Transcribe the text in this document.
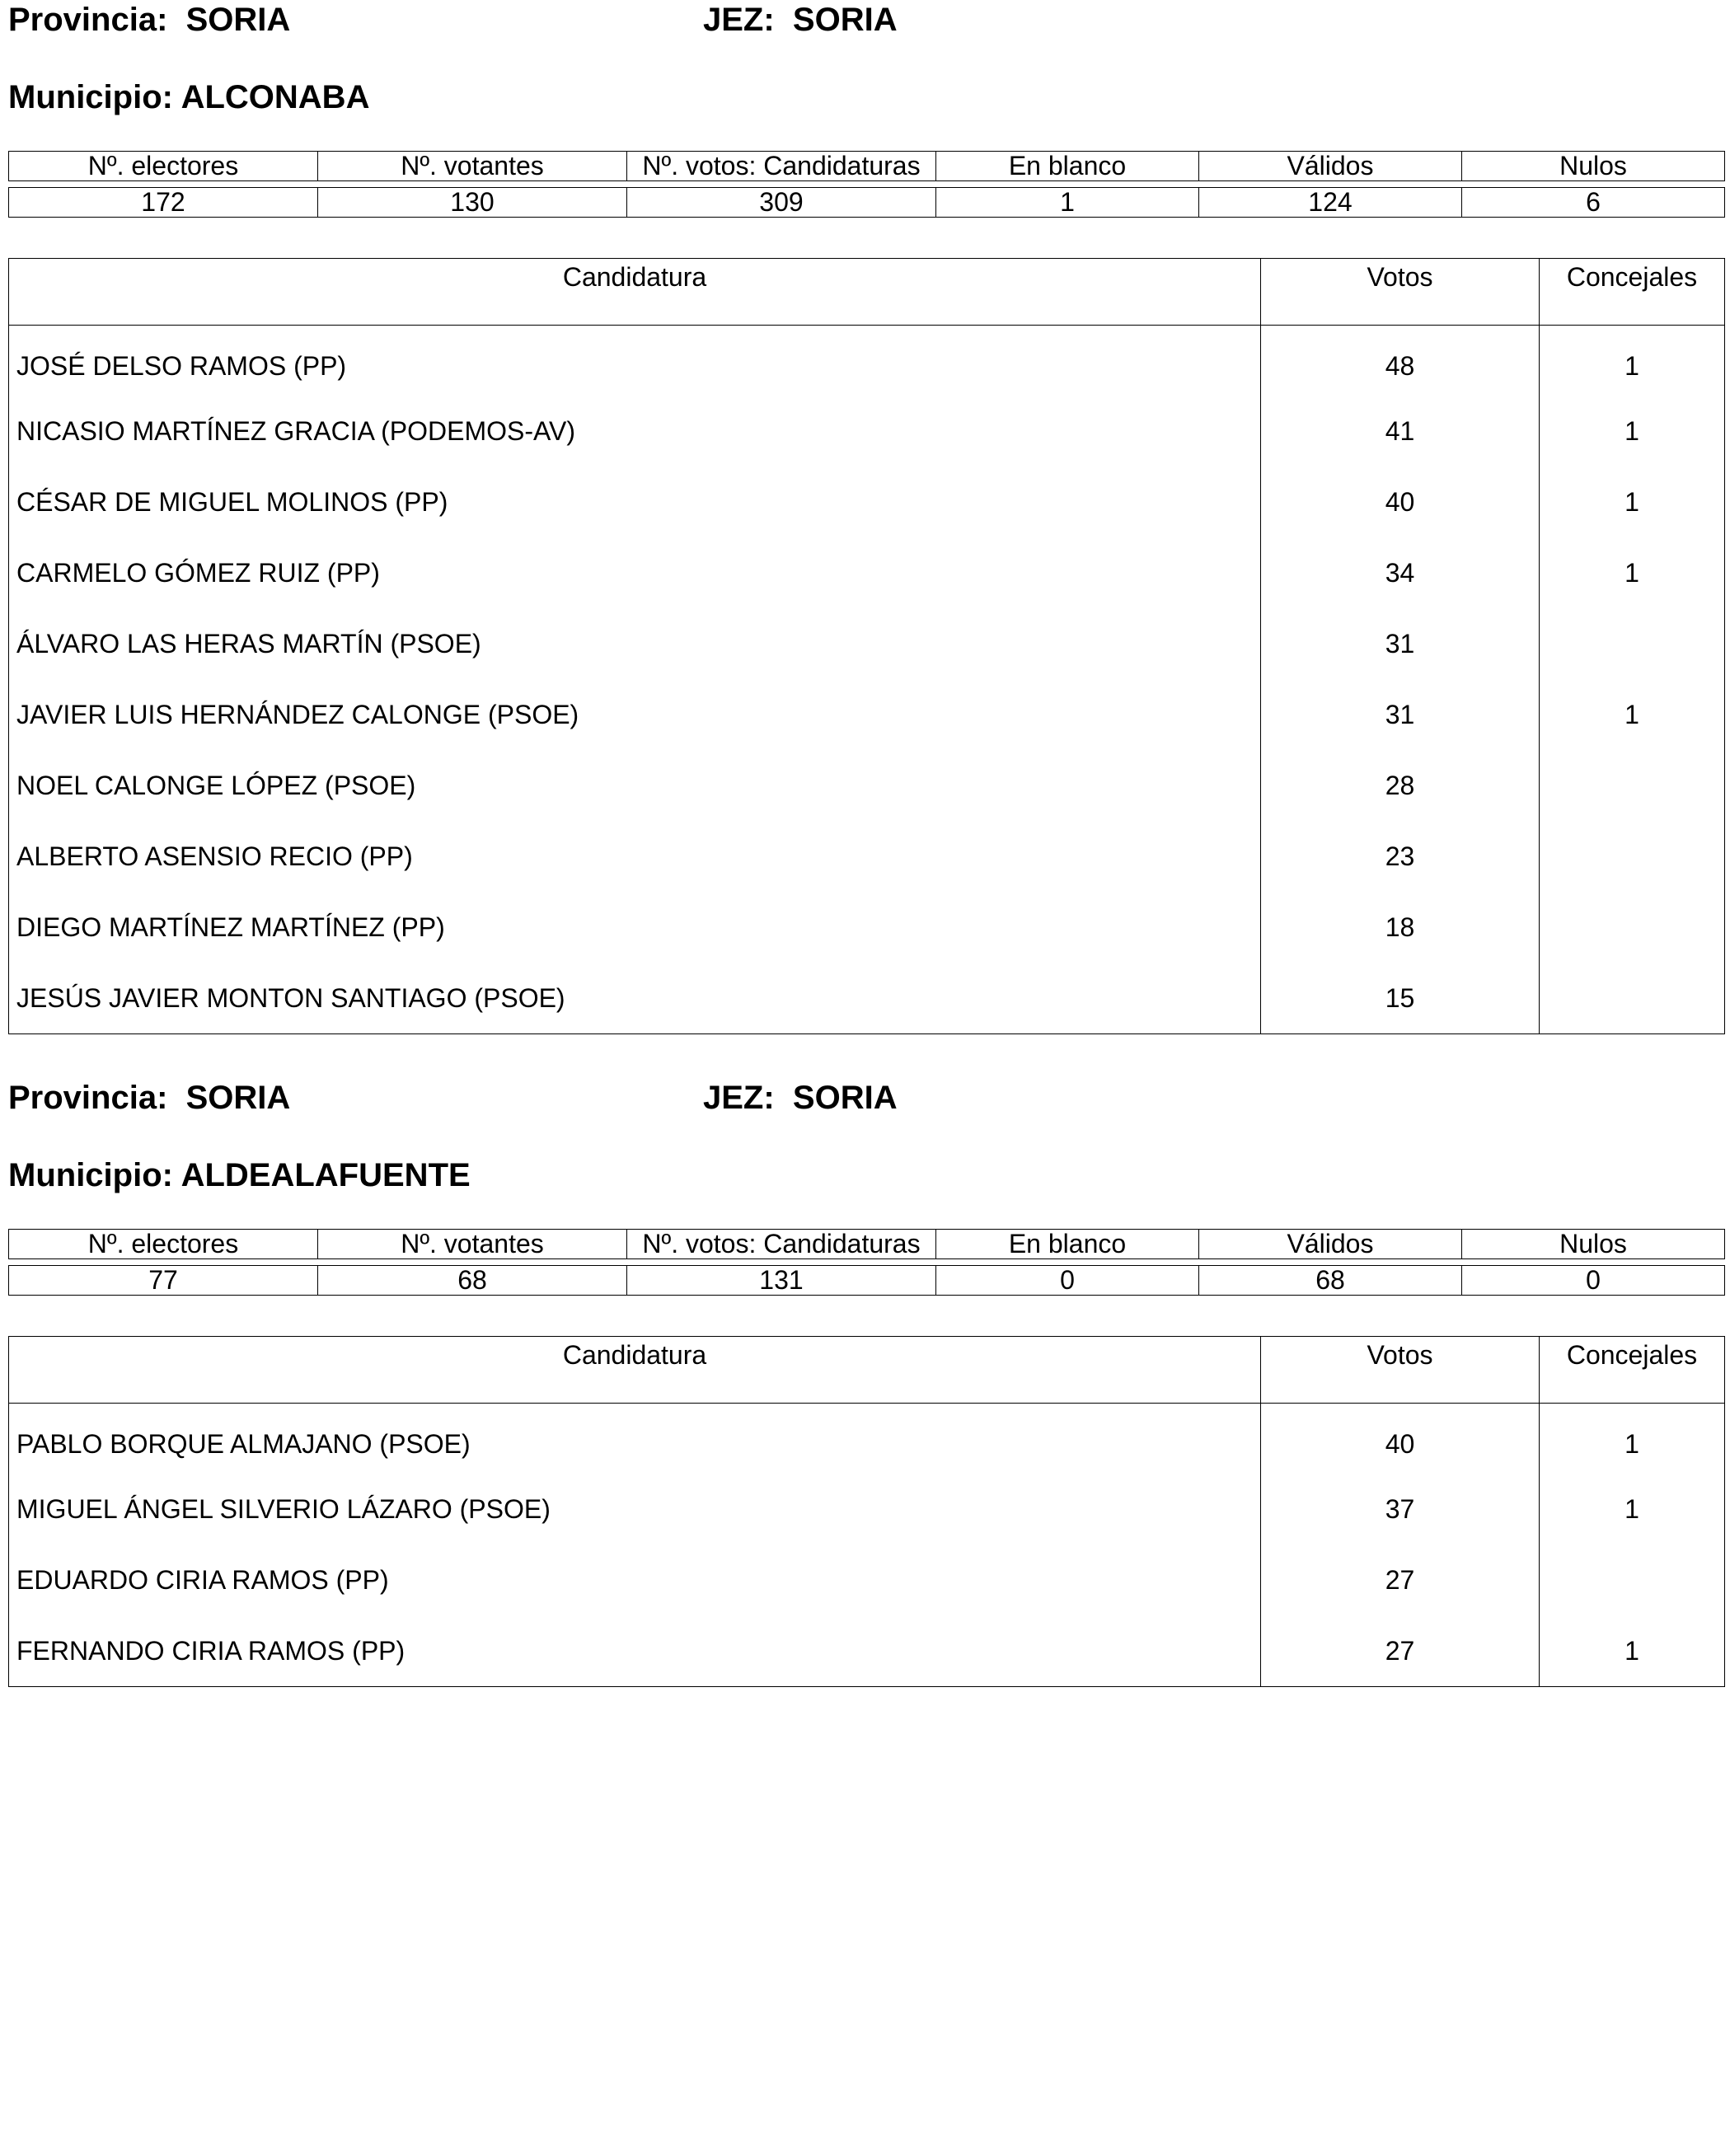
Provincia:  SORIA	JEZ:  SORIA
Municipio: ALCONABA
Nº. electores	Nº. votantes	Nº. votos: Candidaturas	En blanco	Válidos	Nulos
172	130	309	1	124	6
Candidatura	Votos	Concejales
JOSÉ DELSO RAMOS (PP)	48	1
NICASIO MARTÍNEZ GRACIA (PODEMOS-AV)	41	1
CÉSAR DE MIGUEL MOLINOS (PP)	40	1
CARMELO GÓMEZ RUIZ (PP)	34	1
ÁLVARO LAS HERAS MARTÍN (PSOE)	31	
JAVIER LUIS HERNÁNDEZ CALONGE (PSOE)	31	1
NOEL CALONGE LÓPEZ (PSOE)	28	
ALBERTO ASENSIO RECIO (PP)	23	
DIEGO MARTÍNEZ MARTÍNEZ (PP)	18	
JESÚS JAVIER MONTON SANTIAGO (PSOE)	15	
Provincia:  SORIA	JEZ:  SORIA
Municipio: ALDEALAFUENTE
Nº. electores	Nº. votantes	Nº. votos: Candidaturas	En blanco	Válidos	Nulos
77	68	131	0	68	0
Candidatura	Votos	Concejales
PABLO BORQUE ALMAJANO (PSOE)	40	1
MIGUEL ÁNGEL SILVERIO LÁZARO (PSOE)	37	1
EDUARDO CIRIA RAMOS (PP)	27	
FERNANDO CIRIA RAMOS (PP)	27	1
